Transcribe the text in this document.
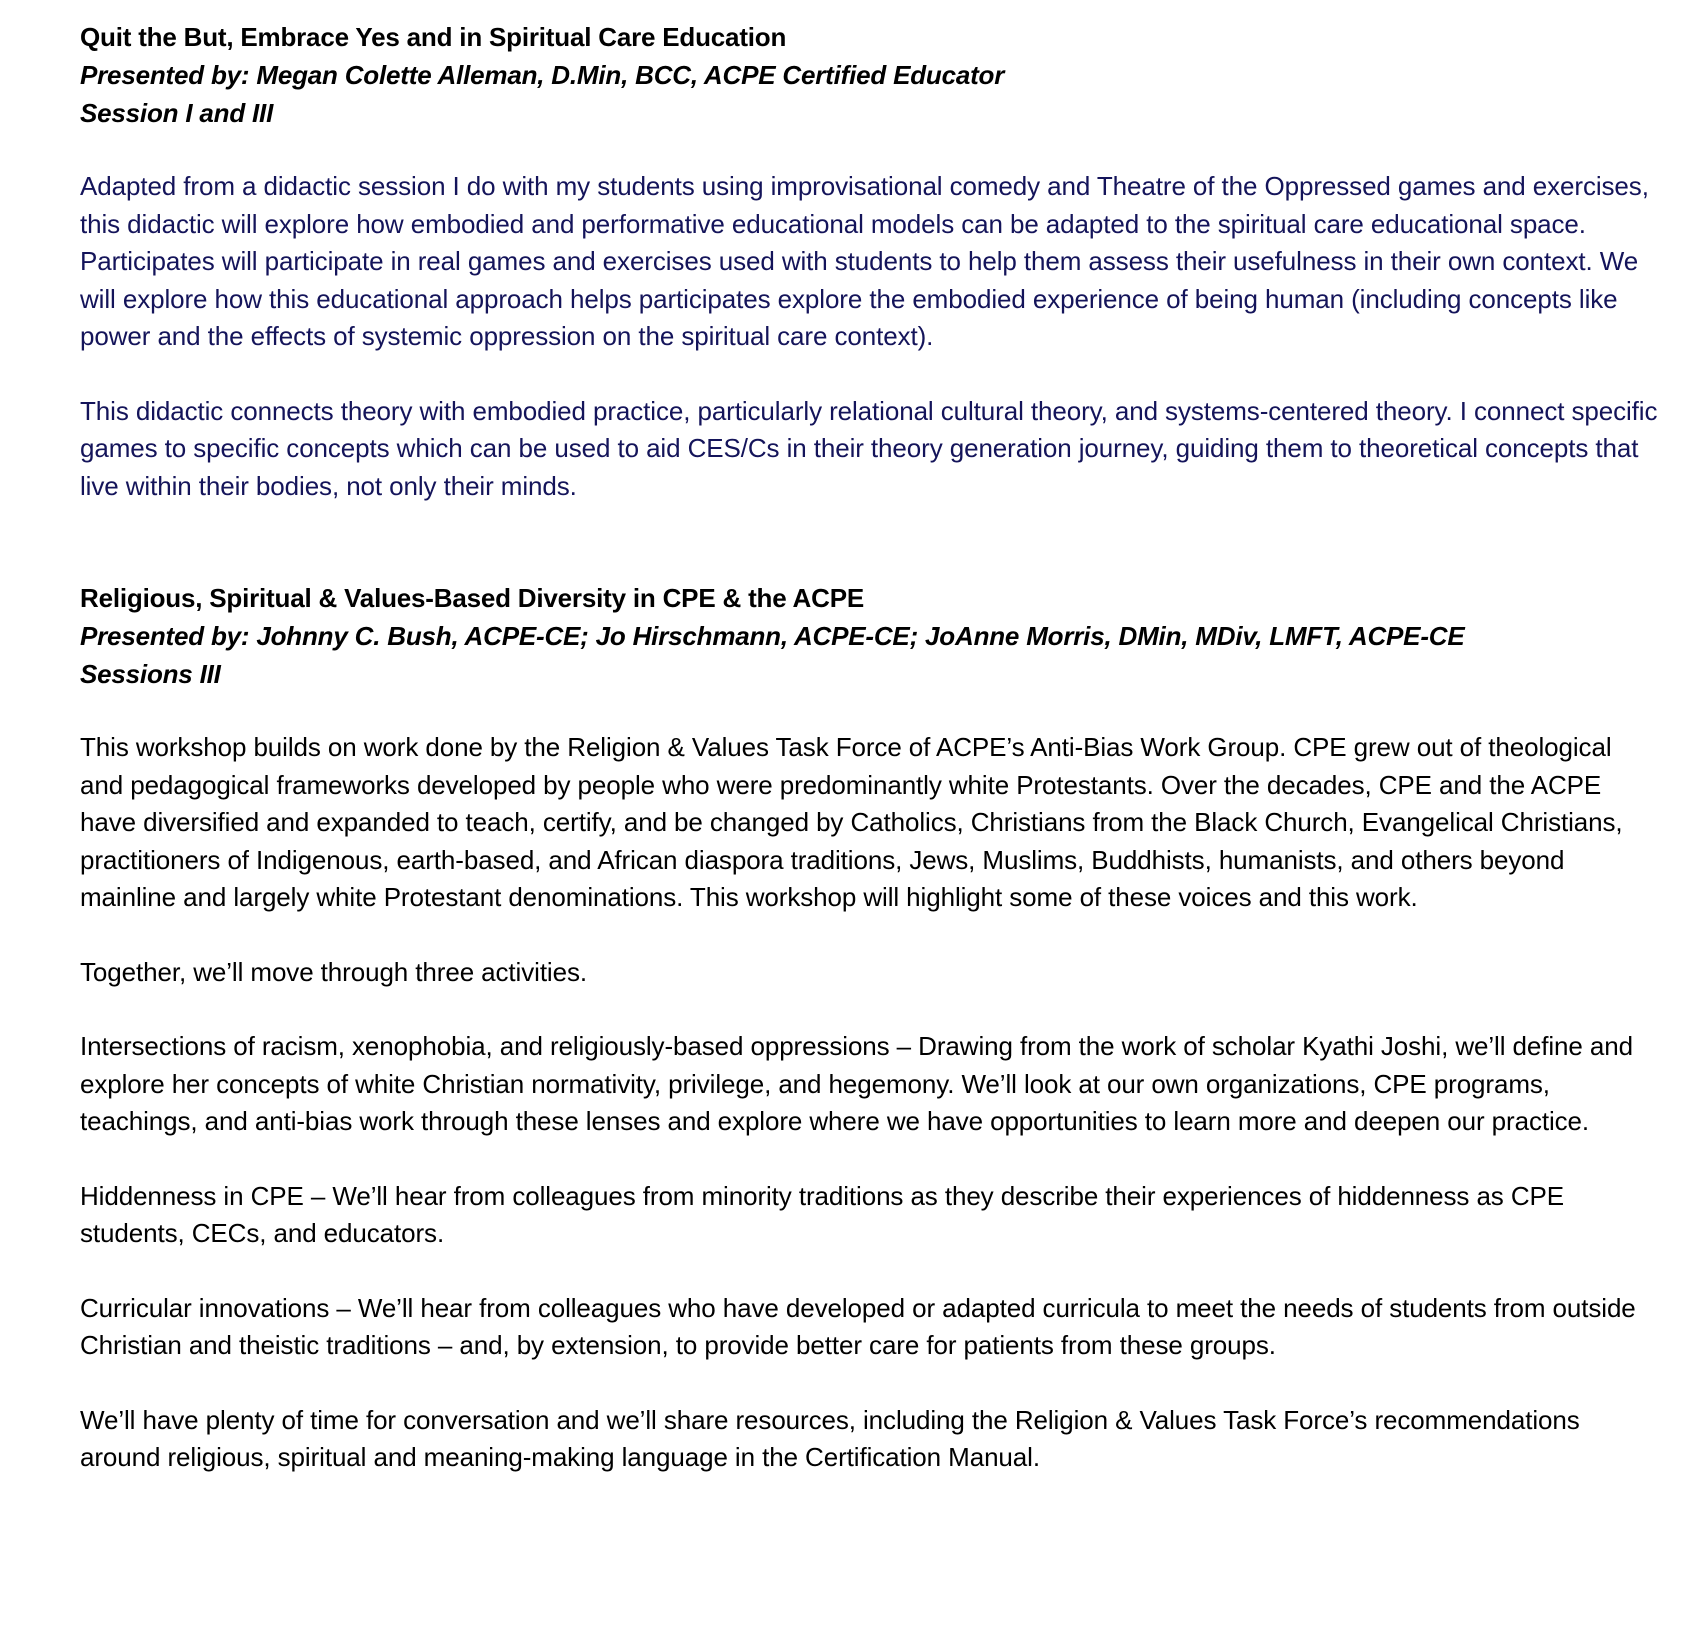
Quit the But, Embrace Yes and in Spiritual Care Education
Presented by: Megan Colette Alleman, D.Min, BCC, ACPE Certified Educator
Session I and III

Adapted from a didactic session I do with my students using improvisational comedy and Theatre of the Oppressed games and exercises, this didactic will explore how embodied and performative educational models can be adapted to the spiritual care educational space. Participates will participate in real games and exercises used with students to help them assess their usefulness in their own context. We will explore how this educational approach helps participates explore the embodied experience of being human (including concepts like power and the effects of systemic oppression on the spiritual care context).

This didactic connects theory with embodied practice, particularly relational cultural theory, and systems-centered theory. I connect specific games to specific concepts which can be used to aid CES/Cs in their theory generation journey, guiding them to theoretical concepts that live within their bodies, not only their minds.

Religious, Spiritual & Values-Based Diversity in CPE & the ACPE
Presented by: Johnny C. Bush, ACPE-CE; Jo Hirschmann, ACPE-CE; JoAnne Morris, DMin, MDiv, LMFT, ACPE-CE
Sessions III

This workshop builds on work done by the Religion & Values Task Force of ACPE’s Anti-Bias Work Group. CPE grew out of theological and pedagogical frameworks developed by people who were predominantly white Protestants. Over the decades, CPE and the ACPE have diversified and expanded to teach, certify, and be changed by Catholics, Christians from the Black Church, Evangelical Christians, practitioners of Indigenous, earth-based, and African diaspora traditions, Jews, Muslims, Buddhists, humanists, and others beyond mainline and largely white Protestant denominations. This workshop will highlight some of these voices and this work.

Together, we’ll move through three activities.

Intersections of racism, xenophobia, and religiously-based oppressions – Drawing from the work of scholar Kyathi Joshi, we’ll define and explore her concepts of white Christian normativity, privilege, and hegemony. We’ll look at our own organizations, CPE programs, teachings, and anti-bias work through these lenses and explore where we have opportunities to learn more and deepen our practice.

Hiddenness in CPE – We’ll hear from colleagues from minority traditions as they describe their experiences of hiddenness as CPE students, CECs, and educators.

Curricular innovations – We’ll hear from colleagues who have developed or adapted curricula to meet the needs of students from outside Christian and theistic traditions – and, by extension, to provide better care for patients from these groups.

We’ll have plenty of time for conversation and we’ll share resources, including the Religion & Values Task Force’s recommendations around religious, spiritual and meaning-making language in the Certification Manual.
